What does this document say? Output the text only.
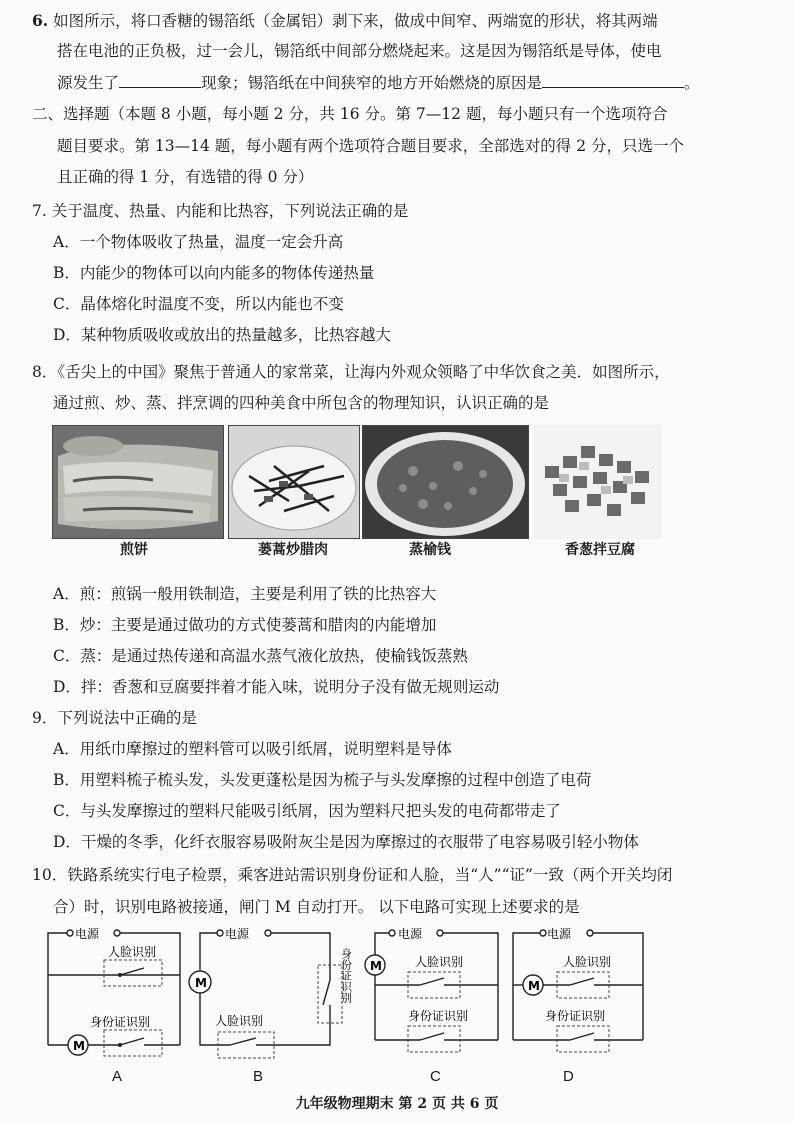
6. 如图所示，将口香糖的锡箔纸（金属铝）剥下来，做成中间窄、两端宽的形状，将其两端
搭在电池的正负极，过一会儿，锡箔纸中间部分燃烧起来。这是因为锡箔纸是导体，使电
源发生了	现象；锡箔纸在中间狭窄的地方开始燃烧的原因是	。
二、选择题（本题 8 小题，每小题 2 分，共 16 分。第 7—12 题，每小题只有一个选项符合
题目要求。第 13—14 题，每小题有两个选项符合题目要求，全部选对的得 2 分，只选一个
且正确的得 1 分，有选错的得 0 分）
7. 关于温度、热量、内能和比热容，下列说法正确的是
A．一个物体吸收了热量，温度一定会升高
B．内能少的物体可以向内能多的物体传递热量
C．晶体熔化时温度不变，所以内能也不变
D．某种物质吸收或放出的热量越多，比热容越大
8．《舌尖上的中国》聚焦于普通人的家常菜，让海内外观众领略了中华饮食之美．如图所示，
通过煎、炒、蒸、拌烹调的四种美食中所包含的物理知识，认识正确的是
煎饼	蒌蒿炒腊肉	蒸榆钱	香葱拌豆腐
A．煎：煎锅一般用铁制造，主要是利用了铁的比热容大
B．炒：主要是通过做功的方式使蒌蒿和腊肉的内能增加
C．蒸：是通过热传递和高温水蒸气液化放热，使榆钱饭蒸熟
D．拌：香葱和豆腐要拌着才能入味，说明分子没有做无规则运动
9．下列说法中正确的是
A．用纸巾摩擦过的塑料管可以吸引纸屑，说明塑料是导体
B．用塑料梳子梳头发，头发更蓬松是因为梳子与头发摩擦的过程中创造了电荷
C．与头发摩擦过的塑料尺能吸引纸屑，因为塑料尺把头发的电荷都带走了
D．干燥的冬季，化纤衣服容易吸附灰尘是因为摩擦过的衣服带了电容易吸引轻小物体
10．铁路系统实行电子检票，乘客进站需识别身份证和人脸，当“人”“证”一致（两个开关均闭
合）时，识别电路被接通，闸门 M 自动打开。 以下电路可实现上述要求的是
电源
人脸识别
身份证识别
M
电源
人脸识别
M	身份证识别
电源
人脸识别
身份证识别
M
电源
人脸识别
身份证识别
M
A	B	C	D
九年级物理期末 第 2 页 共 6 页
